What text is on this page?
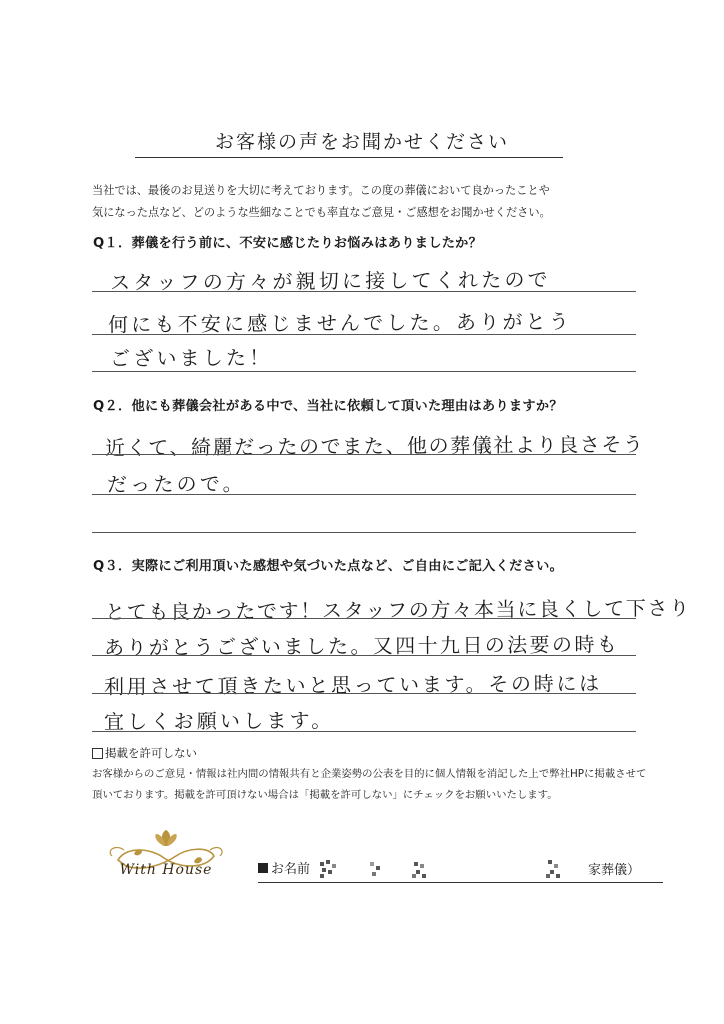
お客様の声をお聞かせください
当社では、最後のお見送りを大切に考えております。この度の葬儀において良かったことや
気になった点など、どのような些細なことでも率直なご意見・ご感想をお聞かせください。
Q１．葬儀を行う前に、不安に感じたりお悩みはありましたか？
スタッフの方々が親切に接してくれたので
何にも不安に感じませんでした。ありがとう
ございました！
Q２．他にも葬儀会社がある中で、当社に依頼して頂いた理由はありますか？
近くて、綺麗だったのでまた、他の葬儀社より良さそう
だったので。
Q３．実際にご利用頂いた感想や気づいた点など、ご自由にご記入ください。
とても良かったです！スタッフの方々本当に良くして下さり
ありがとうございました。又四十九日の法要の時も
利用させて頂きたいと思っています。その時には
宜しくお願いします。
掲載を許可しない
お客様からのご意見・情報は社内間の情報共有と企業姿勢の公表を目的に個人情報を消記した上で弊社HPに掲載させて
頂いております。掲載を許可頂けない場合は「掲載を許可しない」にチェックをお願いいたします。
With House	お名前	家葬儀）
